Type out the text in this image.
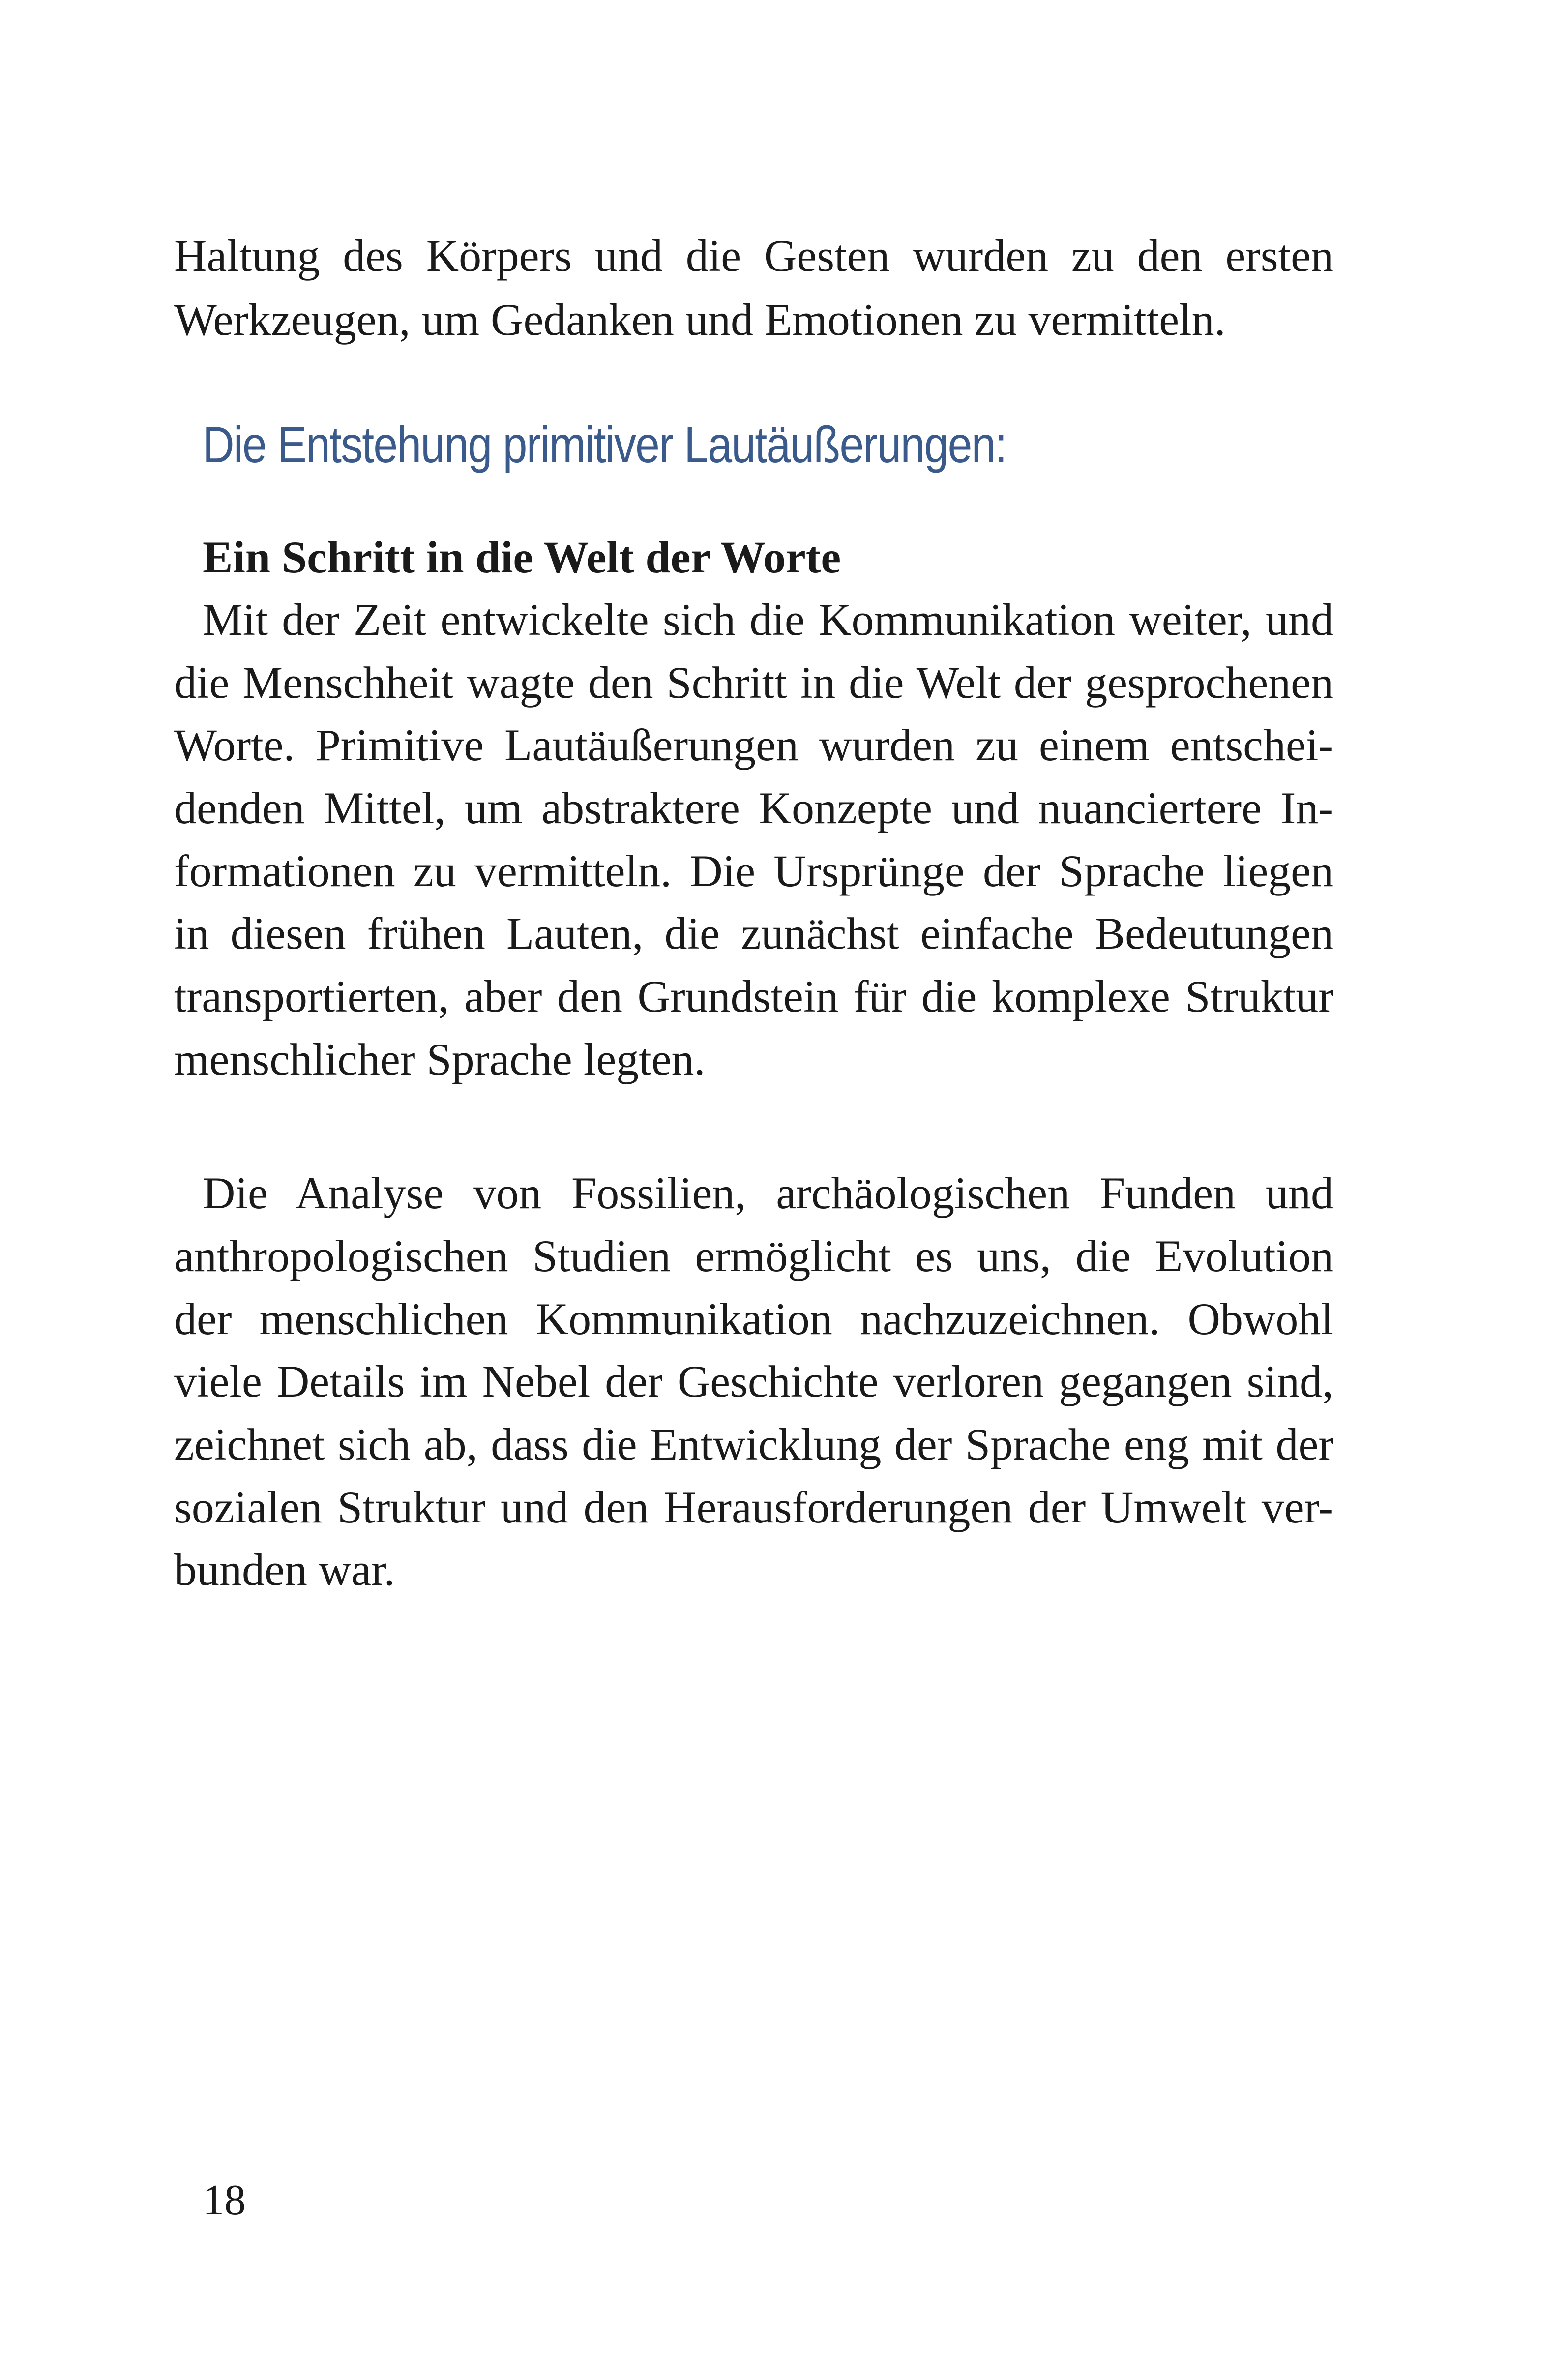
Haltung des Körpers und die Gesten wurden zu den ersten
Werkzeugen, um Gedanken und Emotionen zu vermitteln.
Die Entstehung primitiver Lautäußerungen:
Ein Schritt in die Welt der Worte
Mit der Zeit entwickelte sich die Kommunikation weiter, und
die Menschheit wagte den Schritt in die Welt der gesprochenen
Worte. Primitive Lautäußerungen wurden zu einem entschei-
denden Mittel, um abstraktere Konzepte und nuanciertere In-
formationen zu vermitteln. Die Ursprünge der Sprache liegen
in diesen frühen Lauten, die zunächst einfache Bedeutungen
transportierten, aber den Grundstein für die komplexe Struktur
menschlicher Sprache legten.
Die Analyse von Fossilien, archäologischen Funden und
anthropologischen Studien ermöglicht es uns, die Evolution
der menschlichen Kommunikation nachzuzeichnen. Obwohl
viele Details im Nebel der Geschichte verloren gegangen sind,
zeichnet sich ab, dass die Entwicklung der Sprache eng mit der
sozialen Struktur und den Herausforderungen der Umwelt ver-
bunden war.
18
